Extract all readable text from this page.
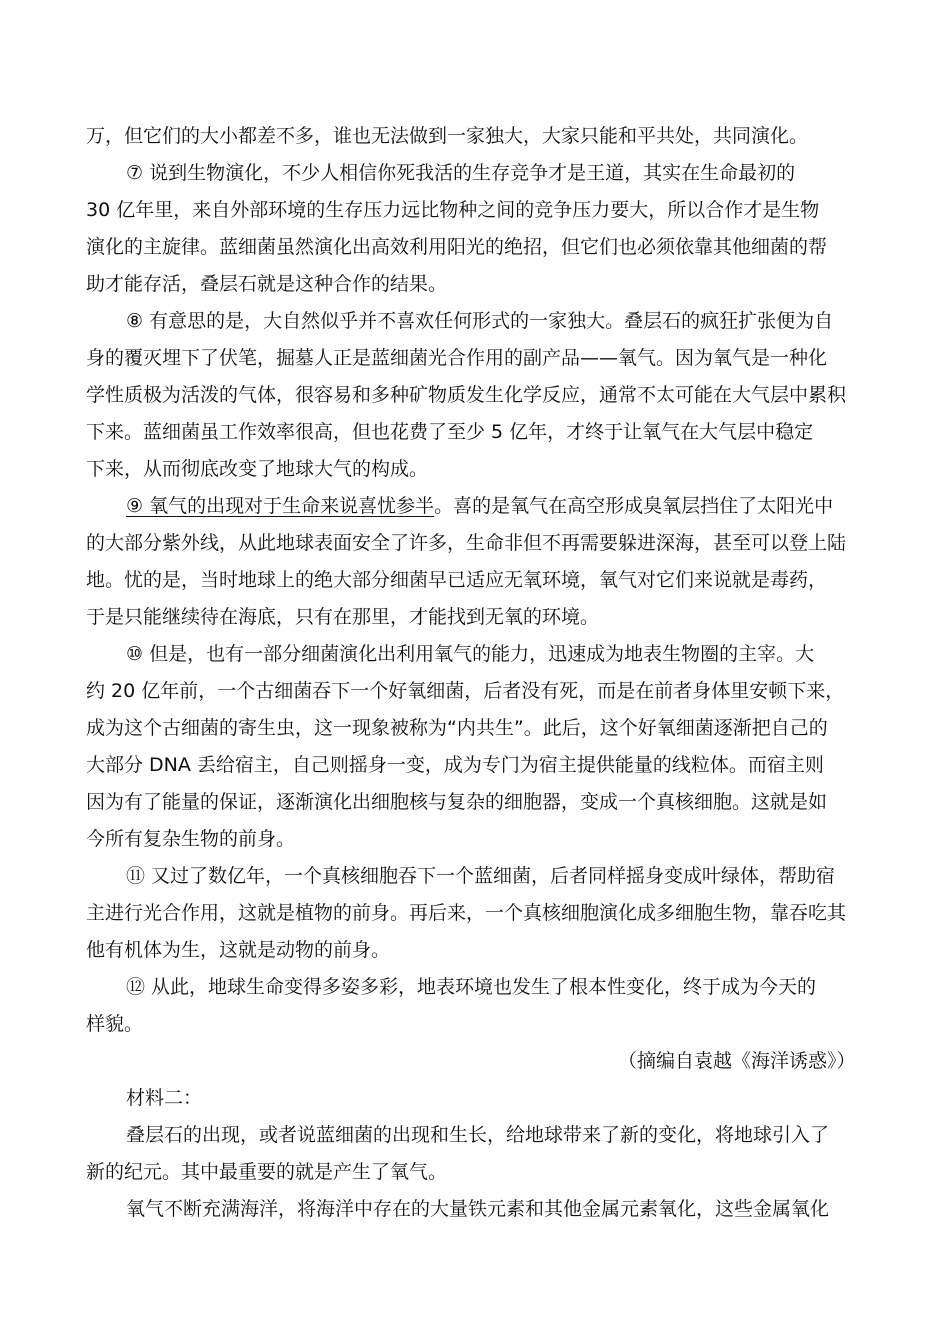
万，但它们的大小都差不多，谁也无法做到一家独大，大家只能和平共处，共同演化。
⑦ 说到生物演化，不少人相信你死我活的生存竞争才是王道，其实在生命最初的
30 亿年里，来自外部环境的生存压力远比物种之间的竞争压力要大，所以合作才是生物
演化的主旋律。蓝细菌虽然演化出高效利用阳光的绝招，但它们也必须依靠其他细菌的帮
助才能存活，叠层石就是这种合作的结果。
⑧ 有意思的是，大自然似乎并不喜欢任何形式的一家独大。叠层石的疯狂扩张便为自
身的覆灭埋下了伏笔，掘墓人正是蓝细菌光合作用的副产品——氧气。因为氧气是一种化
学性质极为活泼的气体，很容易和多种矿物质发生化学反应，通常不太可能在大气层中累积
下来。蓝细菌虽工作效率很高，但也花费了至少 5 亿年，才终于让氧气在大气层中稳定
下来，从而彻底改变了地球大气的构成。
⑨ 氧气的出现对于生命来说喜忧参半。喜的是氧气在高空形成臭氧层挡住了太阳光中
的大部分紫外线，从此地球表面安全了许多，生命非但不再需要躲进深海，甚至可以登上陆
地。忧的是，当时地球上的绝大部分细菌早已适应无氧环境，氧气对它们来说就是毒药，
于是只能继续待在海底，只有在那里，才能找到无氧的环境。
⑩ 但是，也有一部分细菌演化出利用氧气的能力，迅速成为地表生物圈的主宰。大
约 20 亿年前，一个古细菌吞下一个好氧细菌，后者没有死，而是在前者身体里安顿下来，
成为这个古细菌的寄生虫，这一现象被称为“内共生”。此后，这个好氧细菌逐渐把自己的
大部分 DNA 丢给宿主，自己则摇身一变，成为专门为宿主提供能量的线粒体。而宿主则
因为有了能量的保证，逐渐演化出细胞核与复杂的细胞器，变成一个真核细胞。这就是如
今所有复杂生物的前身。
⑪ 又过了数亿年，一个真核细胞吞下一个蓝细菌，后者同样摇身变成叶绿体，帮助宿
主进行光合作用，这就是植物的前身。再后来，一个真核细胞演化成多细胞生物，靠吞吃其
他有机体为生，这就是动物的前身。
⑫ 从此，地球生命变得多姿多彩，地表环境也发生了根本性变化，终于成为今天的
样貌。
（摘编自袁越《海洋诱惑》）
材料二：
叠层石的出现，或者说蓝细菌的出现和生长，给地球带来了新的变化，将地球引入了
新的纪元。其中最重要的就是产生了氧气。
氧气不断充满海洋，将海洋中存在的大量铁元素和其他金属元素氧化，这些金属氧化
